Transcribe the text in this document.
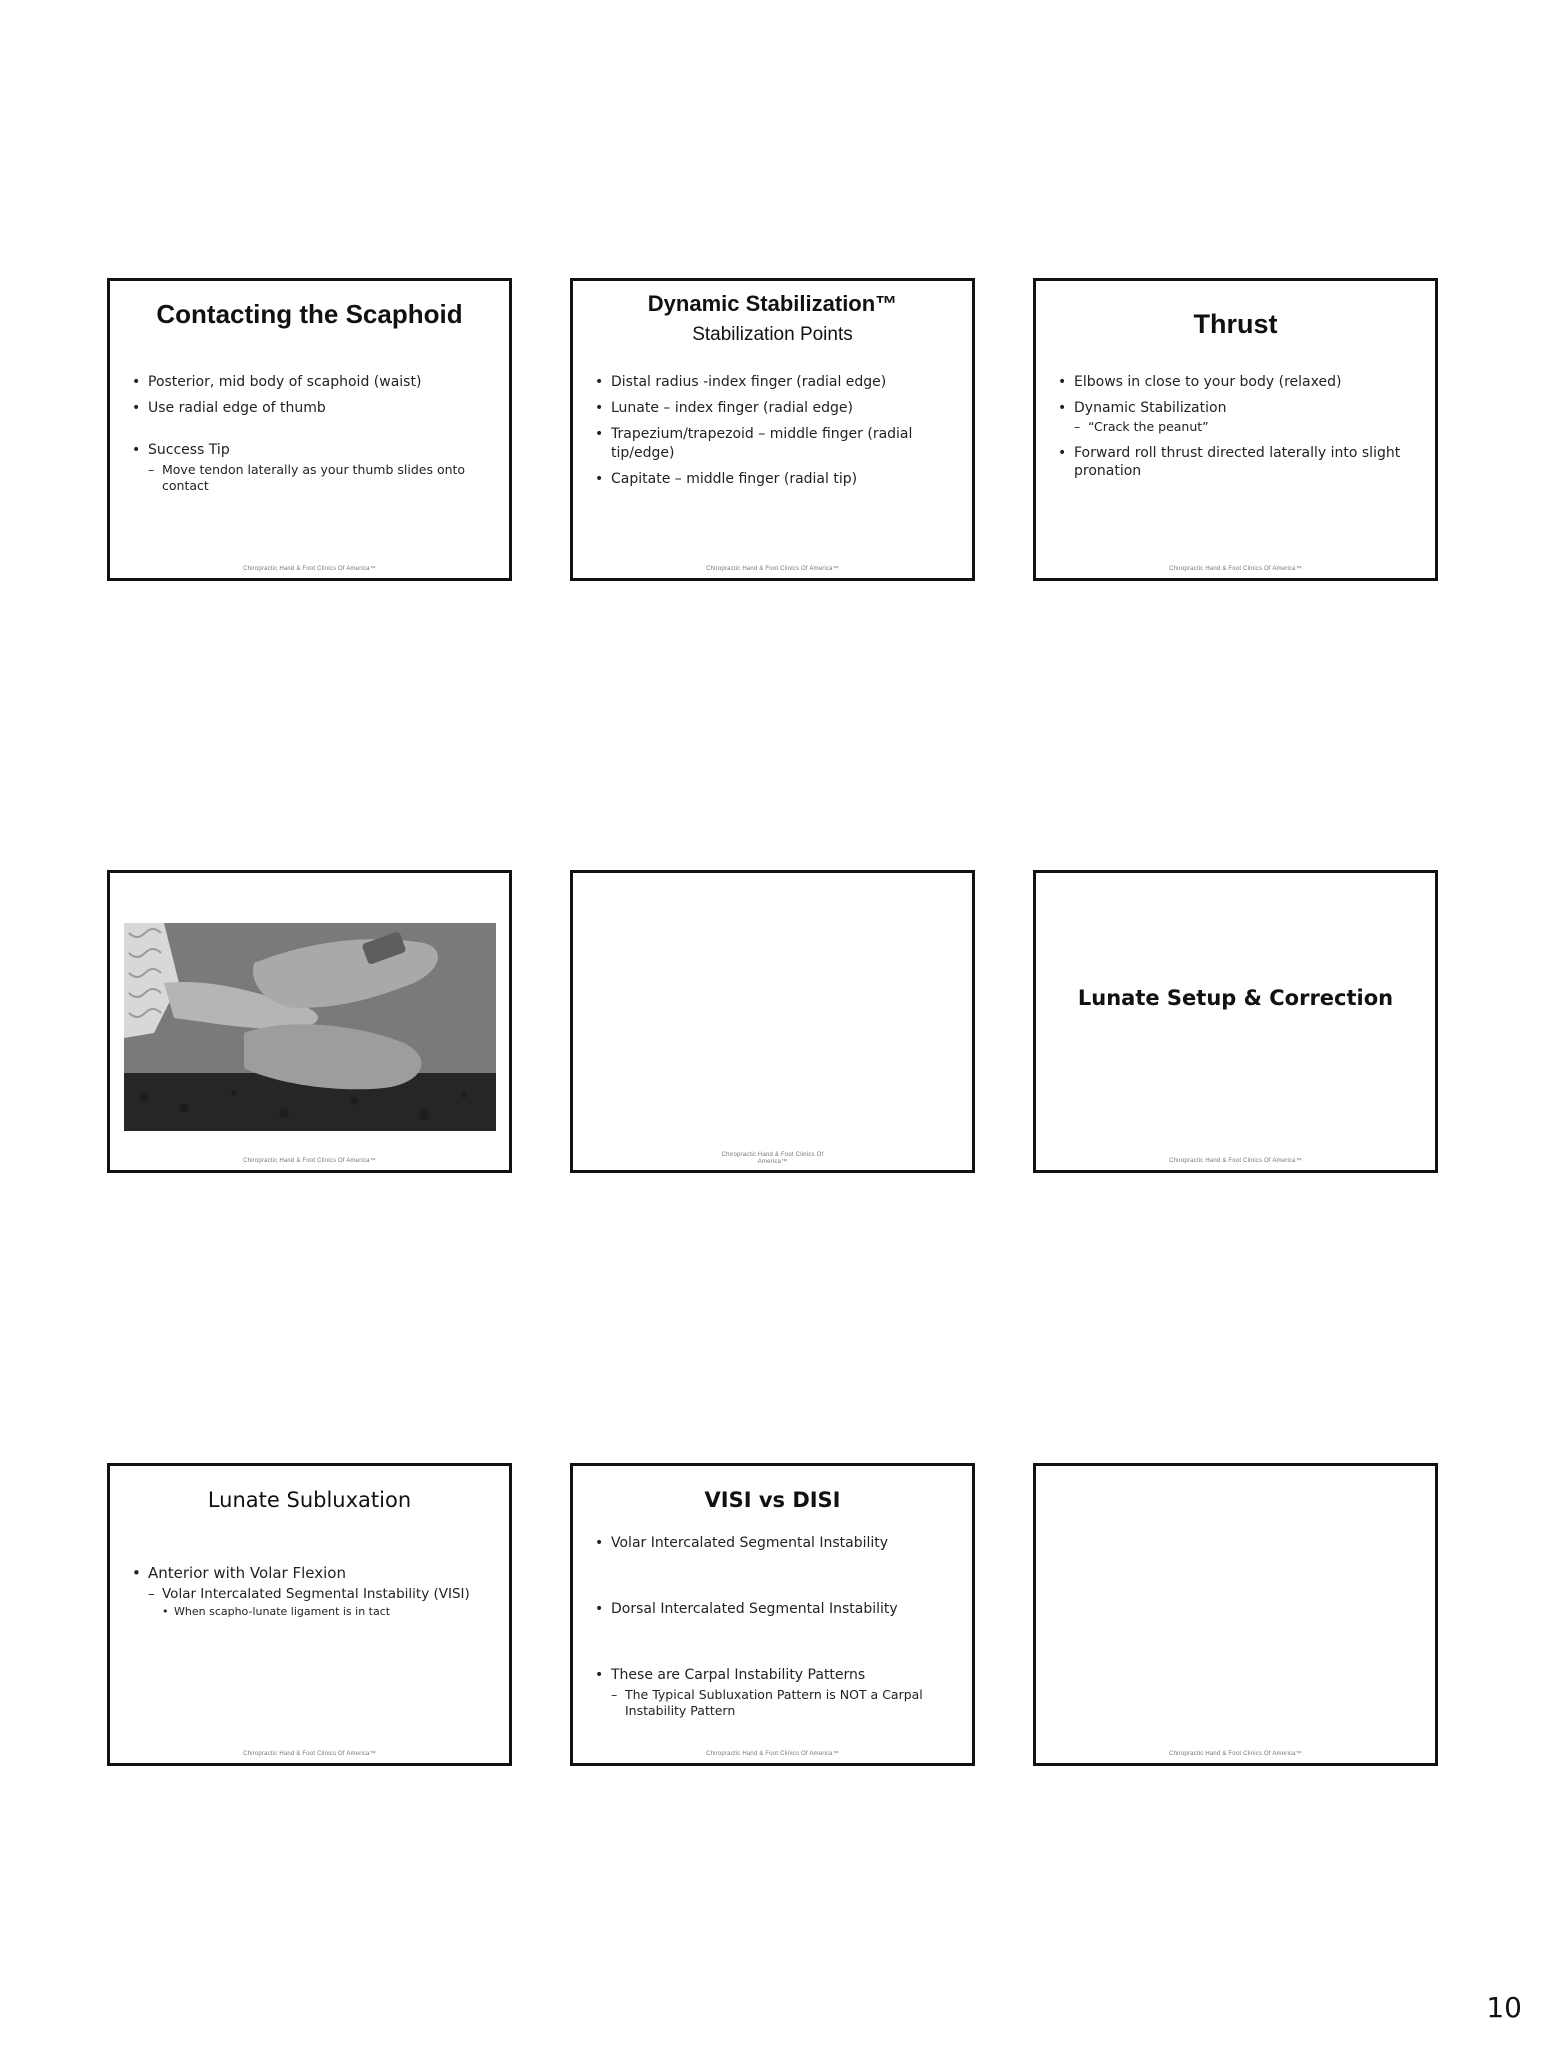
Contacting the Scaphoid
• Posterior, mid body of scaphoid (waist)
• Use radial edge of thumb
• Success Tip
– Move tendon laterally as your thumb slides onto contact
Chiropractic Hand & Foot Clinics Of America™
Dynamic Stabilization™
Stabilization Points
• Distal radius -index finger (radial edge)
• Lunate – index finger (radial edge)
• Trapezium/trapezoid – middle finger (radial tip/edge)
• Capitate – middle finger (radial tip)
Chiropractic Hand & Foot Clinics Of America™
Thrust
• Elbows in close to your body (relaxed)
• Dynamic Stabilization
– “Crack the peanut”
• Forward roll thrust directed laterally into slight pronation
Chiropractic Hand & Foot Clinics Of America™
Chiropractic Hand & Foot Clinics Of America™
Chiropractic Hand & Foot Clinics Of
America™
Lunate Setup & Correction
Chiropractic Hand & Foot Clinics Of America™
Lunate Subluxation
• Anterior with Volar Flexion
– Volar Intercalated Segmental Instability (VISI)
• When scapho-lunate ligament is in tact
Chiropractic Hand & Foot Clinics Of America™
VISI vs DISI
• Volar Intercalated Segmental Instability
• Dorsal Intercalated Segmental Instability
• These are Carpal Instability Patterns
– The Typical Subluxation Pattern is NOT a Carpal Instability Pattern
Chiropractic Hand & Foot Clinics Of America™	Chiropractic Hand & Foot Clinics Of America™
10
